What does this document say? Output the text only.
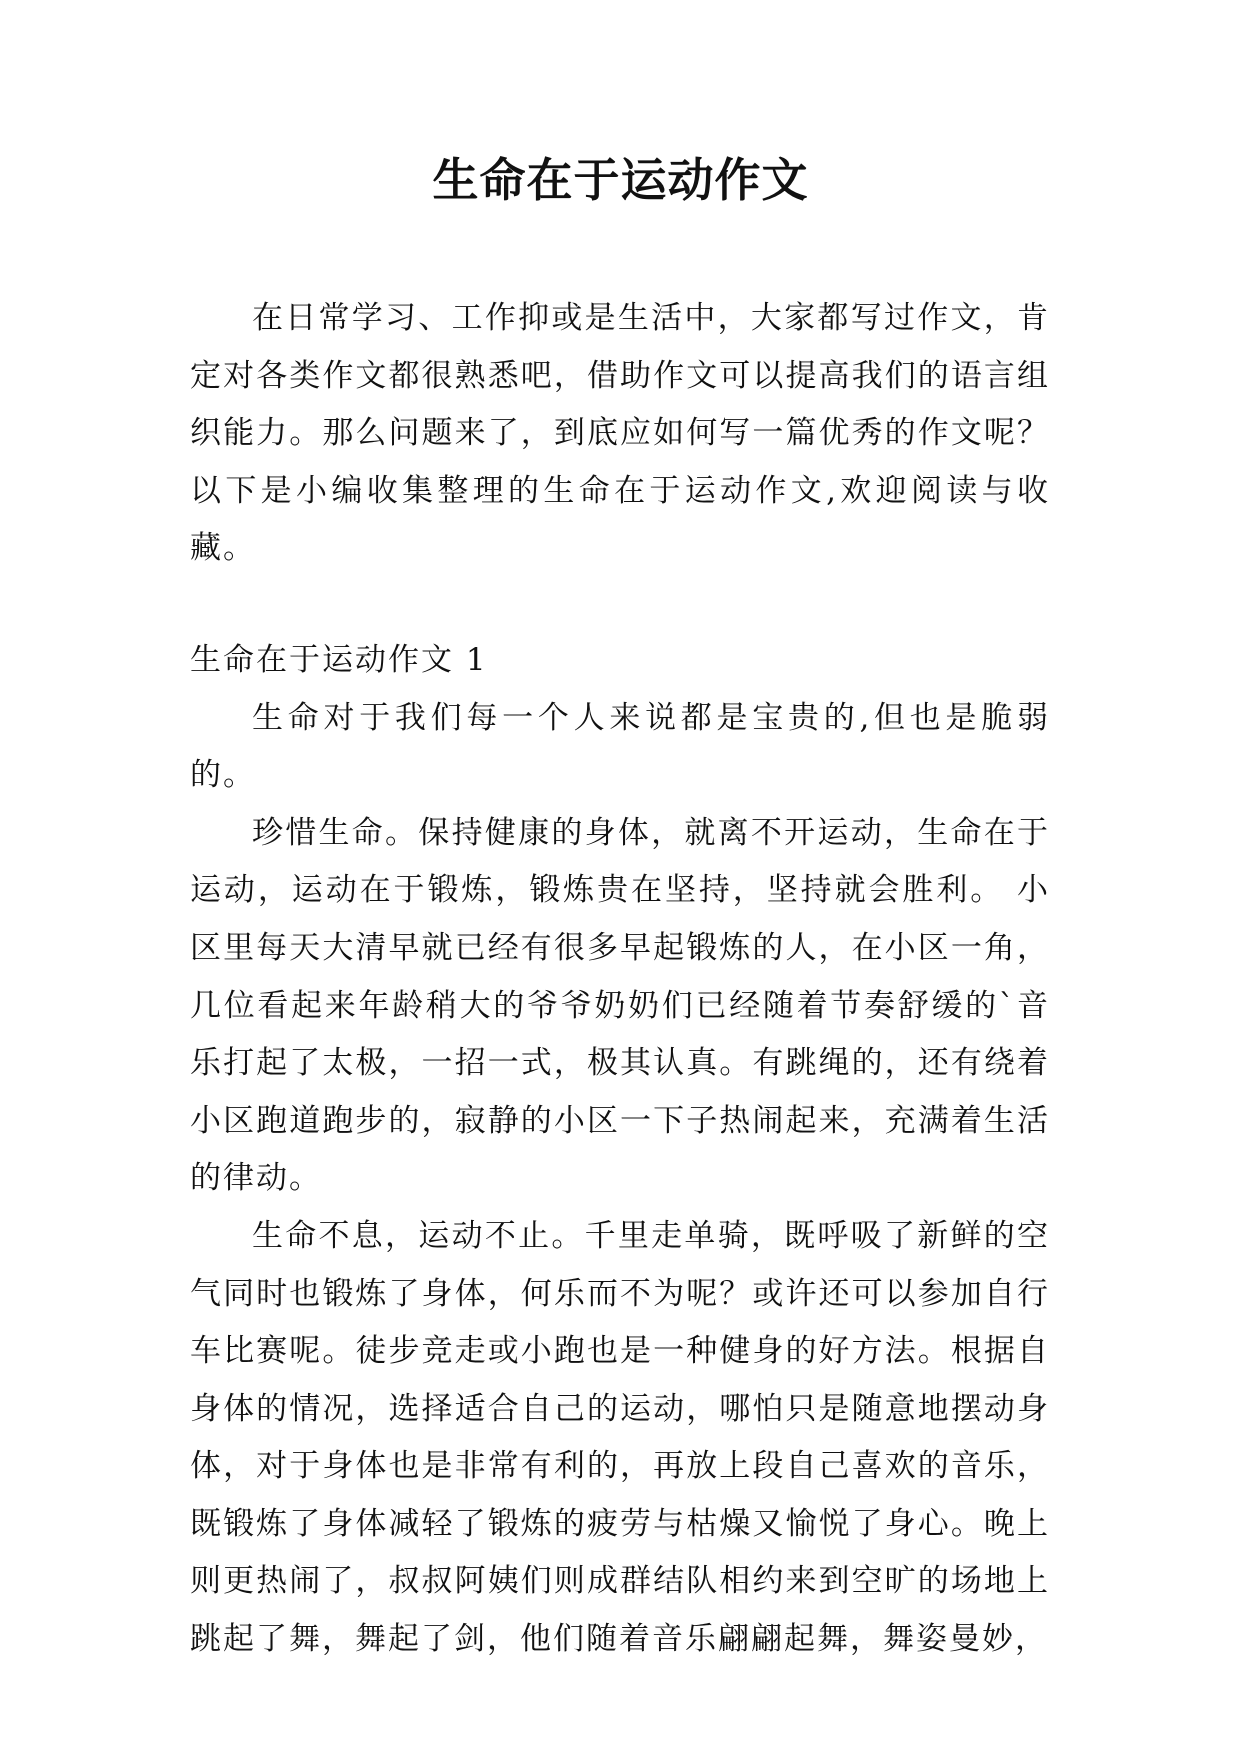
生命在于运动作文

在日常学习、工作抑或是生活中，大家都写过作文，肯定对各类作文都很熟悉吧，借助作文可以提高我们的语言组织能力。那么问题来了，到底应如何写一篇优秀的作文呢？以下是小编收集整理的生命在于运动作文,欢迎阅读与收藏。

生命在于运动作文 1

生命对于我们每一个人来说都是宝贵的,但也是脆弱的。

珍惜生命。保持健康的身体，就离不开运动，生命在于运动，运动在于锻炼，锻炼贵在坚持，坚持就会胜利。 小区里每天大清早就已经有很多早起锻炼的人，在小区一角，几位看起来年龄稍大的爷爷奶奶们已经随着节奏舒缓的`音乐打起了太极，一招一式，极其认真。有跳绳的，还有绕着小区跑道跑步的，寂静的小区一下子热闹起来，充满着生活的律动。

生命不息，运动不止。千里走单骑，既呼吸了新鲜的空气同时也锻炼了身体，何乐而不为呢？或许还可以参加自行车比赛呢。徒步竞走或小跑也是一种健身的好方法。根据自身体的情况，选择适合自己的运动，哪怕只是随意地摆动身体，对于身体也是非常有利的，再放上段自己喜欢的音乐，既锻炼了身体减轻了锻炼的疲劳与枯燥又愉悦了身心。晚上则更热闹了，叔叔阿姨们则成群结队相约来到空旷的场地上跳起了舞，舞起了剑，他们随着音乐翩翩起舞，舞姿曼妙，
